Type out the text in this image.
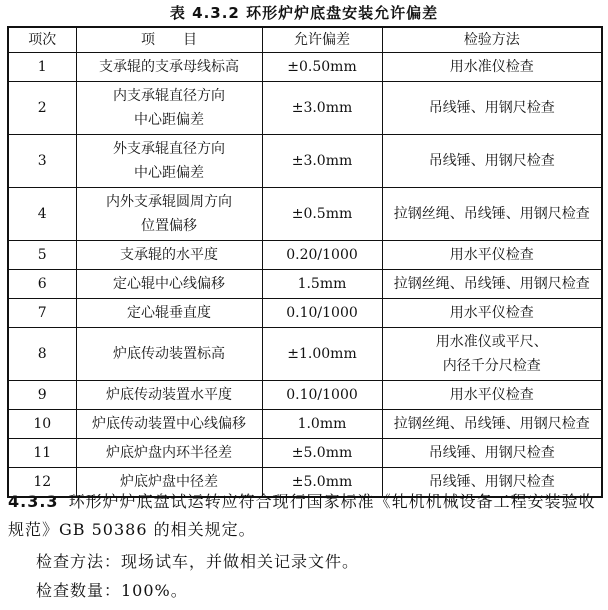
表 4.3.2 环形炉炉底盘安装允许偏差
项次	项　　目	允许偏差	检验方法
1	支承辊的支承母线标高	±0.50mm	用水准仪检查

2	内支承辊直径方向
中心距偏差	±3.0mm	吊线锤、用钢尺检查

3	外支承辊直径方向
中心距偏差	±3.0mm	吊线锤、用钢尺检查

4	内外支承辊圆周方向
位置偏移	±0.5mm	拉钢丝绳、吊线锤、用钢尺检查

5	支承辊的水平度	0.20/1000	用水平仪检查

6	定心辊中心线偏移	1.5mm	拉钢丝绳、吊线锤、用钢尺检查

7	定心辊垂直度	0.10/1000	用水平仪检查

8	炉底传动装置标高	±1.00mm	用水准仪或平尺、
内径千分尺检查

9	炉底传动装置水平度	0.10/1000	用水平仪检查

10	炉底传动装置中心线偏移	1.0mm	拉钢丝绳、吊线锤、用钢尺检查

11	炉底炉盘内环半径差	±5.0mm	吊线锤、用钢尺检查

12	炉底炉盘中径差	±5.0mm	吊线锤、用钢尺检查
4.3.3 环形炉炉底盘试运转应符合现行国家标准《轧机机械设备工程安装验收规范》GB 50386 的相关规定。
检查方法：现场试车，并做相关记录文件。
检查数量：100%。
